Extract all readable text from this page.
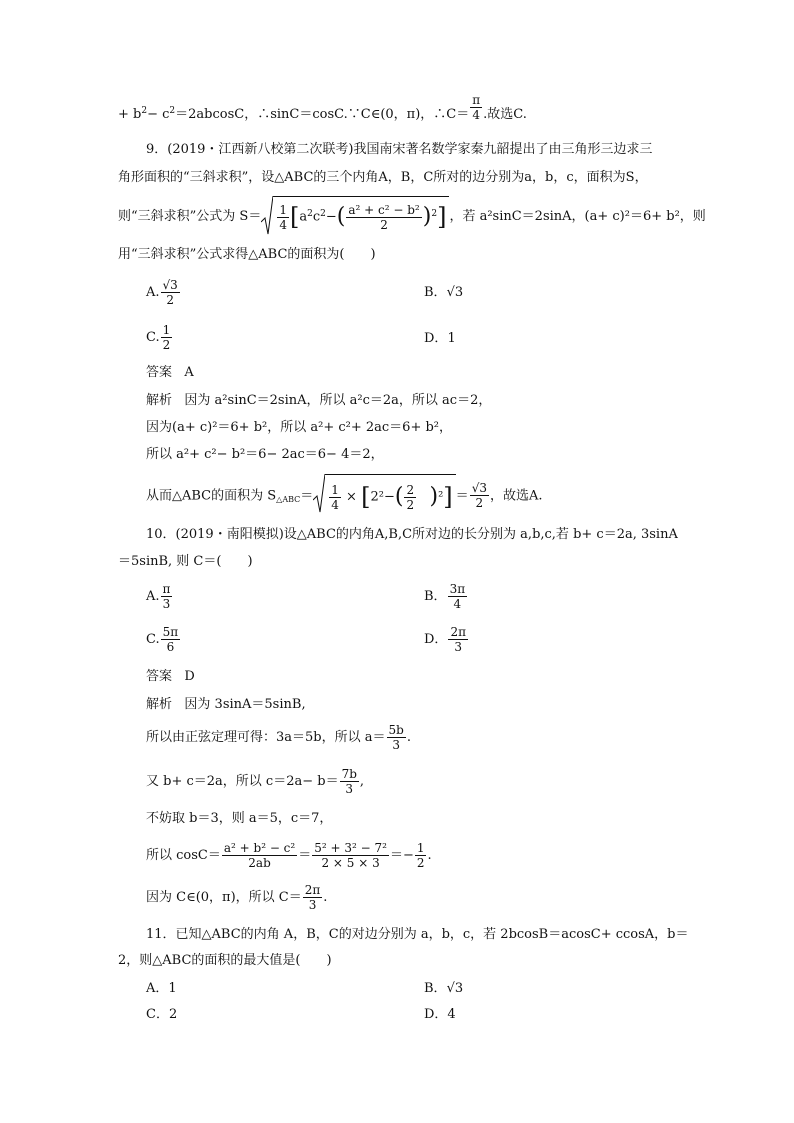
+ $b^2- c^2=2abcosC$，∴sinC＝cosC.∵C∈(0，π)，∴C＝ $\frac{\pi}{4}$ .故选C.
9．(2019・江西新八校第二次联考)我国南宋著名数学家秦九韶提出了由三角形三边求三
角形面积的“三斜求积”，设△ABC的三个内角A，B，C所对的边分别为a，b，c，面积为S，
则“三斜求积”公式为 $S= \frac{1}{4} [a^2c^2-( \frac{\text{a² + c² − b²}}{2} )^2]$ ，若 a²sinC＝2sinA，(a+ c)²＝6+ b²，则
用“三斜求积”公式求得△ABC的面积为(　　)
A. $\frac{√3}{2}$	B．√3
C. $\frac{1}{2}$	D．1
答案 A
解析 因为 a²sinC＝2sinA，所以 a²c＝2a，所以 ac＝2，
因为(a+ c)²＝6+ b²，所以 a²+ c²+ 2ac＝6+ b²，
所以 a²+ c²− b²＝6− 2ac＝6− 4＝2，
从而△ABC的面积为 $S_{\triangle ABC}= \frac{1}{4} \times [2^2-( \frac{2}{2} )^2] = \frac{√3}{2}$ ，故选A.
10．(2019・南阳模拟)设△ABC的内角A,B,C所对边的长分别为 a,b,c,若 b+ c＝2a, 3sinA
＝5sinB, 则 C＝(　　)
A. $\frac{\pi}{3}$	B． $\frac{3\pi}{4}$
C. $\frac{5\pi}{6}$	D． $\frac{2\pi}{3}$
答案 D
解析 因为 3sinA＝5sinB,
所以由正弦定理可得：3a＝5b，所以 $a= \frac{5b}{3}$ .
又 b+ c＝2a，所以 $c=2a- b= \frac{7b}{3}$ ,
不妨取 b＝3，则 a＝5，c＝7，
所以 $\cos C= \frac{\text{a² + b² − c²}}{2ab} = \frac{\text{5² + 3² − 7²}}{2 \times 5 \times 3} =- \frac{1}{2}$ .
因为 C∈(0，π)，所以 $C= \frac{2\pi}{3}$ .
11．已知△ABC的内角 A，B，C的对边分别为 a，b，c，若 2bcosB＝acosC+ ccosA，b＝
2，则△ABC的面积的最大值是(　　)
A．1	B．√3
C．2	D．4
